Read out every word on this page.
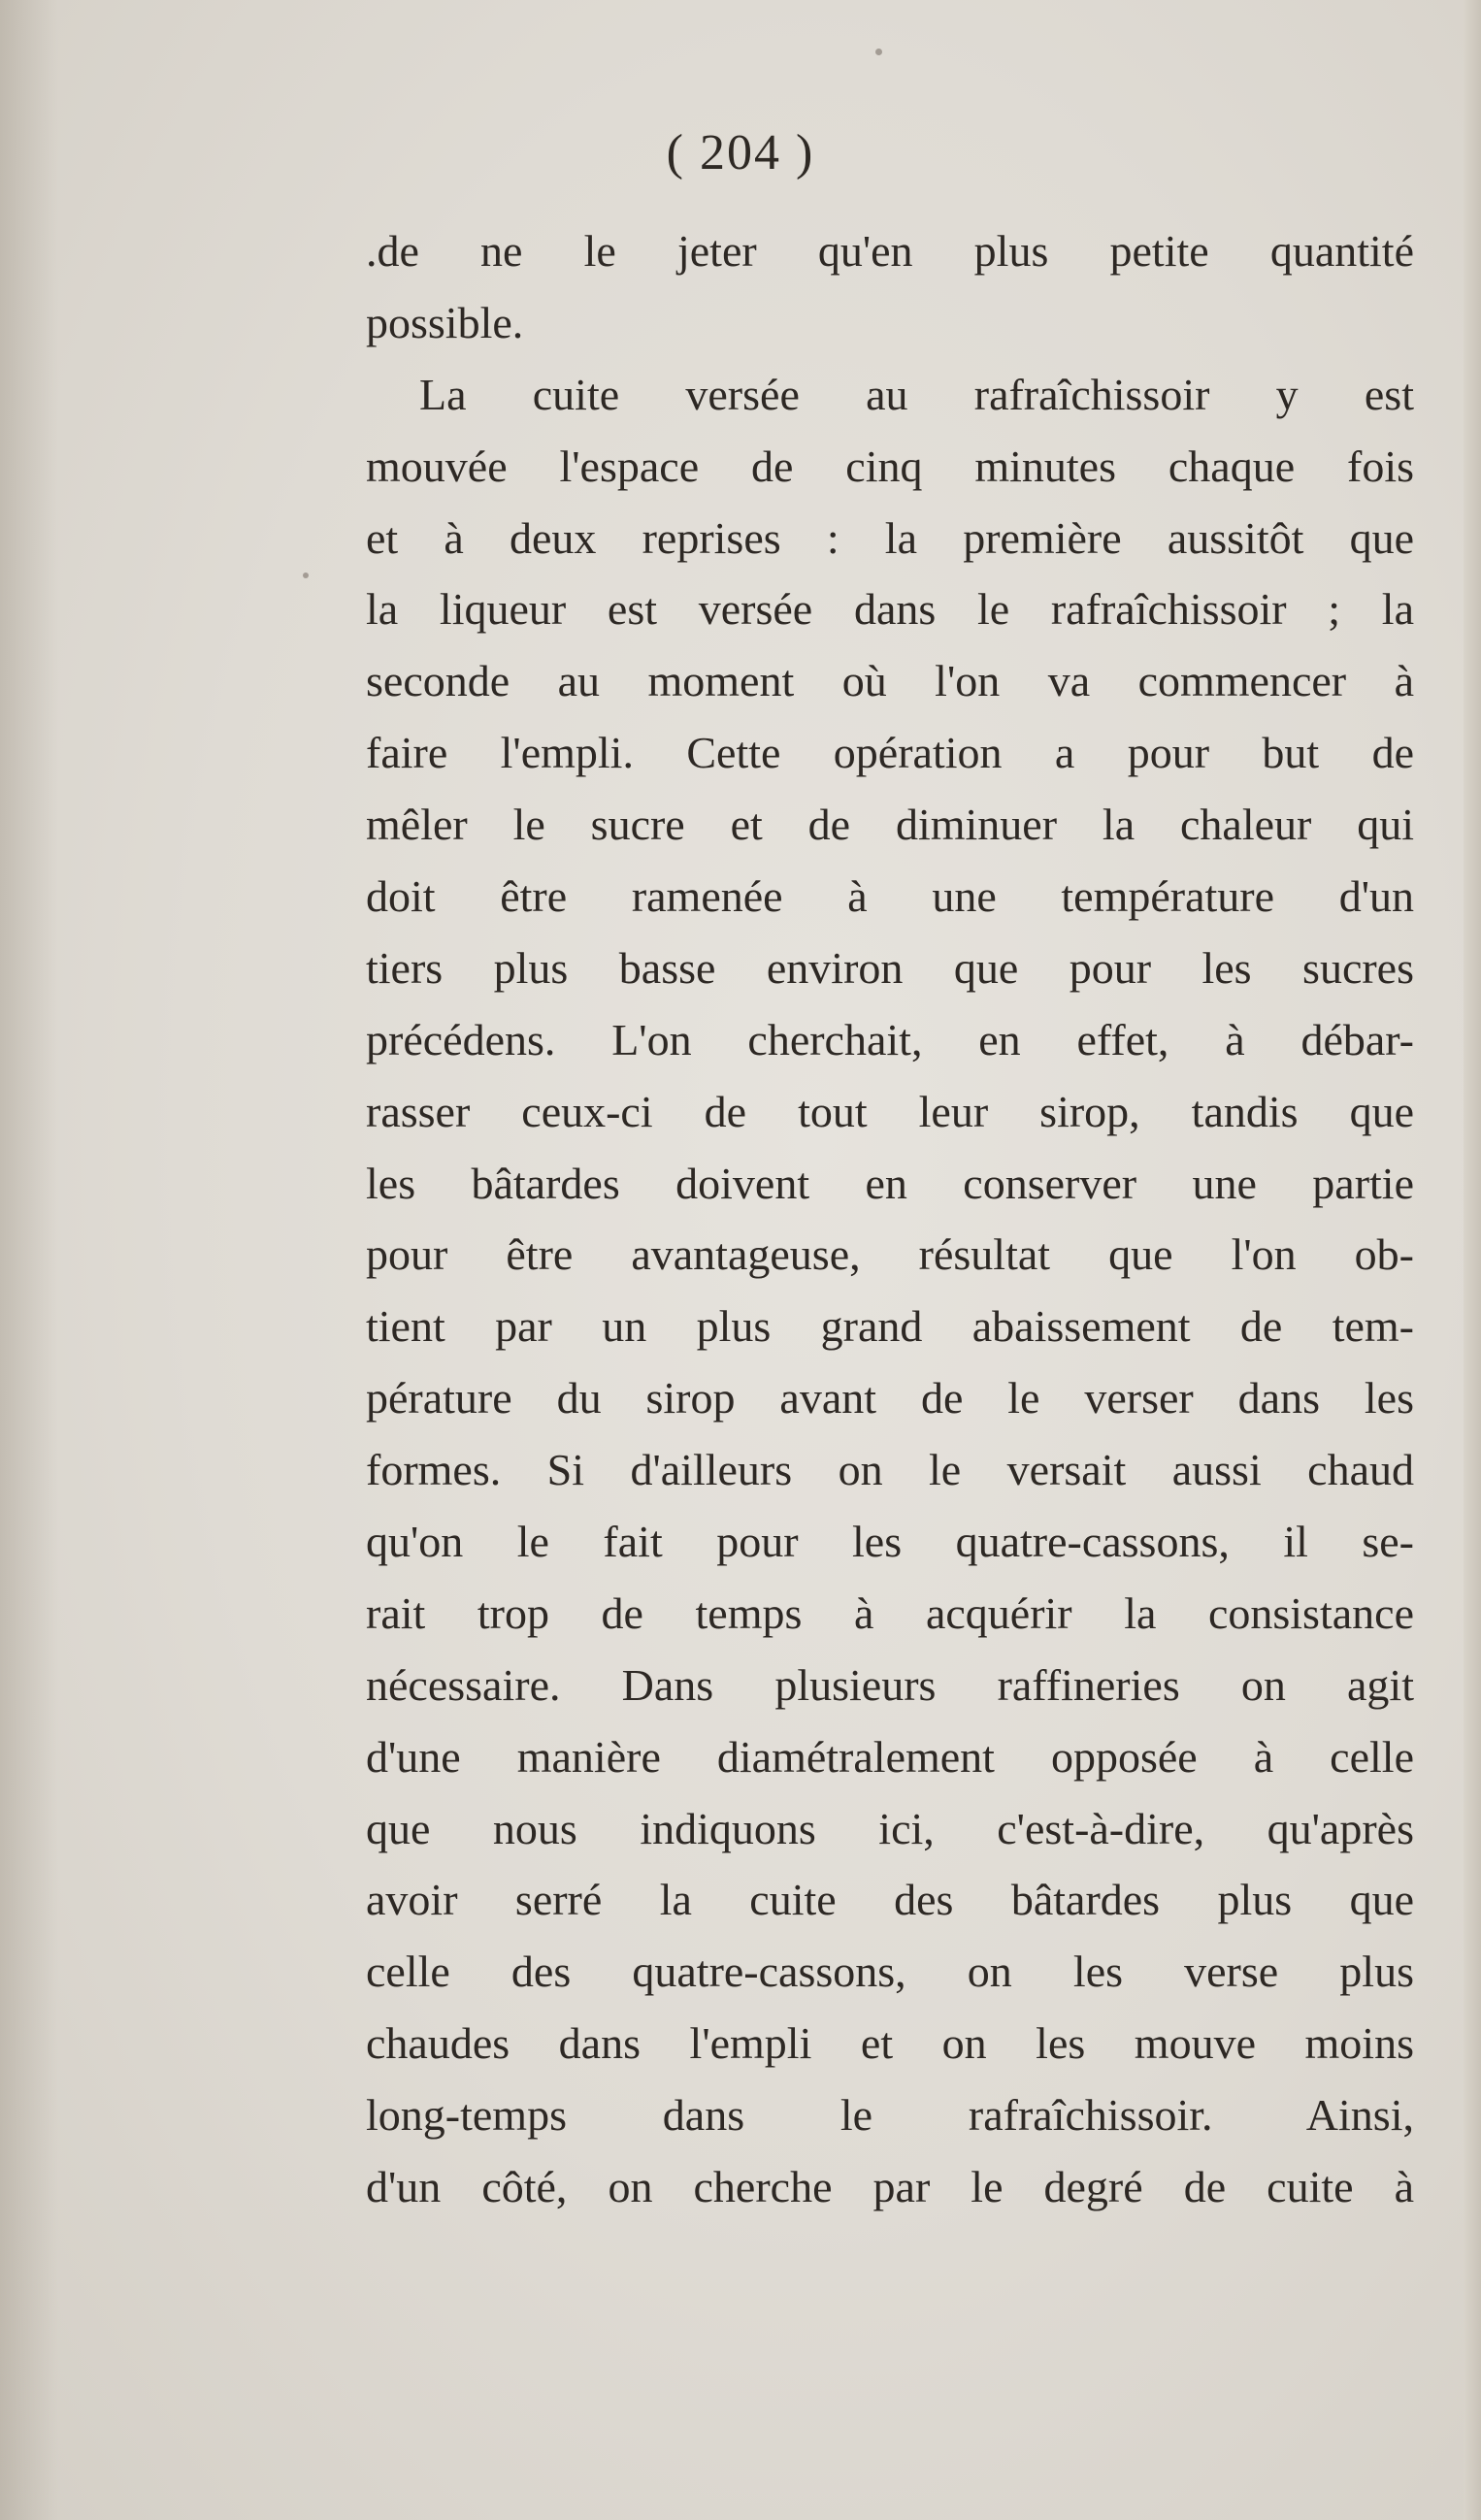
( 204 )
.de ne le jeter qu'en plus petite quantité
possible.
La cuite versée au rafraîchissoir y est
mouvée l'espace de cinq minutes chaque fois
et à deux reprises : la première aussitôt que
la liqueur est versée dans le rafraîchissoir ; la
seconde au moment où l'on va commencer à
faire l'empli. Cette opération a pour but de
mêler le sucre et de diminuer la chaleur qui
doit être ramenée à une température d'un
tiers plus basse environ que pour les sucres
précédens. L'on cherchait, en effet, à débar-
rasser ceux-ci de tout leur sirop, tandis que
les bâtardes doivent en conserver une partie
pour être avantageuse, résultat que l'on ob-
tient par un plus grand abaissement de tem-
pérature du sirop avant de le verser dans les
formes. Si d'ailleurs on le versait aussi chaud
qu'on le fait pour les quatre-cassons, il se-
rait trop de temps à acquérir la consistance
nécessaire. Dans plusieurs raffineries on agit
d'une manière diamétralement opposée à celle
que nous indiquons ici, c'est-à-dire, qu'après
avoir serré la cuite des bâtardes plus que
celle des quatre-cassons, on les verse plus
chaudes dans l'empli et on les mouve moins
long-temps dans le rafraîchissoir. Ainsi,
d'un côté, on cherche par le degré de cuite à
